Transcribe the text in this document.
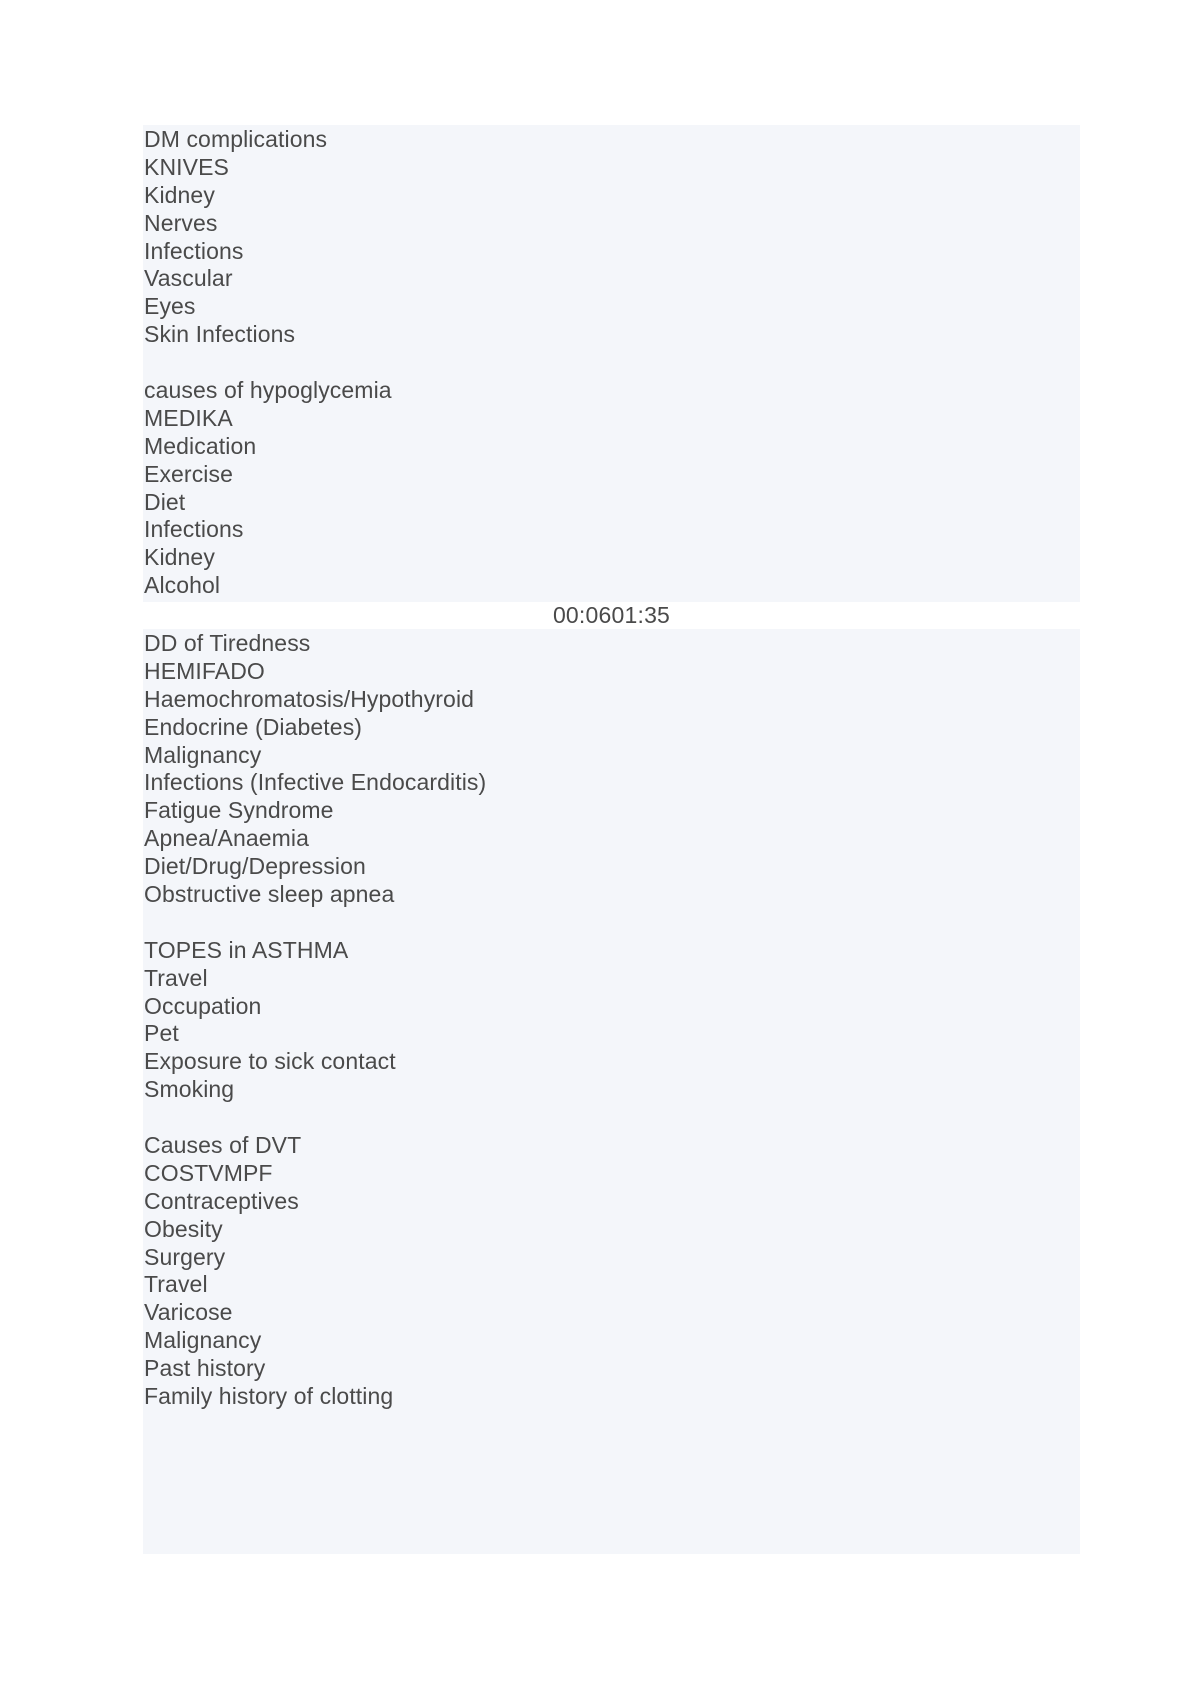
DM complications
KNIVES
Kidney
Nerves
Infections
Vascular
Eyes
Skin Infections
causes of hypoglycemia
MEDIKA
Medication
Exercise
Diet
Infections
Kidney
Alcohol
00:0601:35
DD of Tiredness
HEMIFADO
Haemochromatosis/Hypothyroid
Endocrine (Diabetes)
Malignancy
Infections (Infective Endocarditis)
Fatigue Syndrome
Apnea/Anaemia
Diet/Drug/Depression
Obstructive sleep apnea
TOPES in ASTHMA
Travel
Occupation
Pet
Exposure to sick contact
Smoking
Causes of DVT
COSTVMPF
Contraceptives
Obesity
Surgery
Travel
Varicose
Malignancy
Past history
Family history of clotting
